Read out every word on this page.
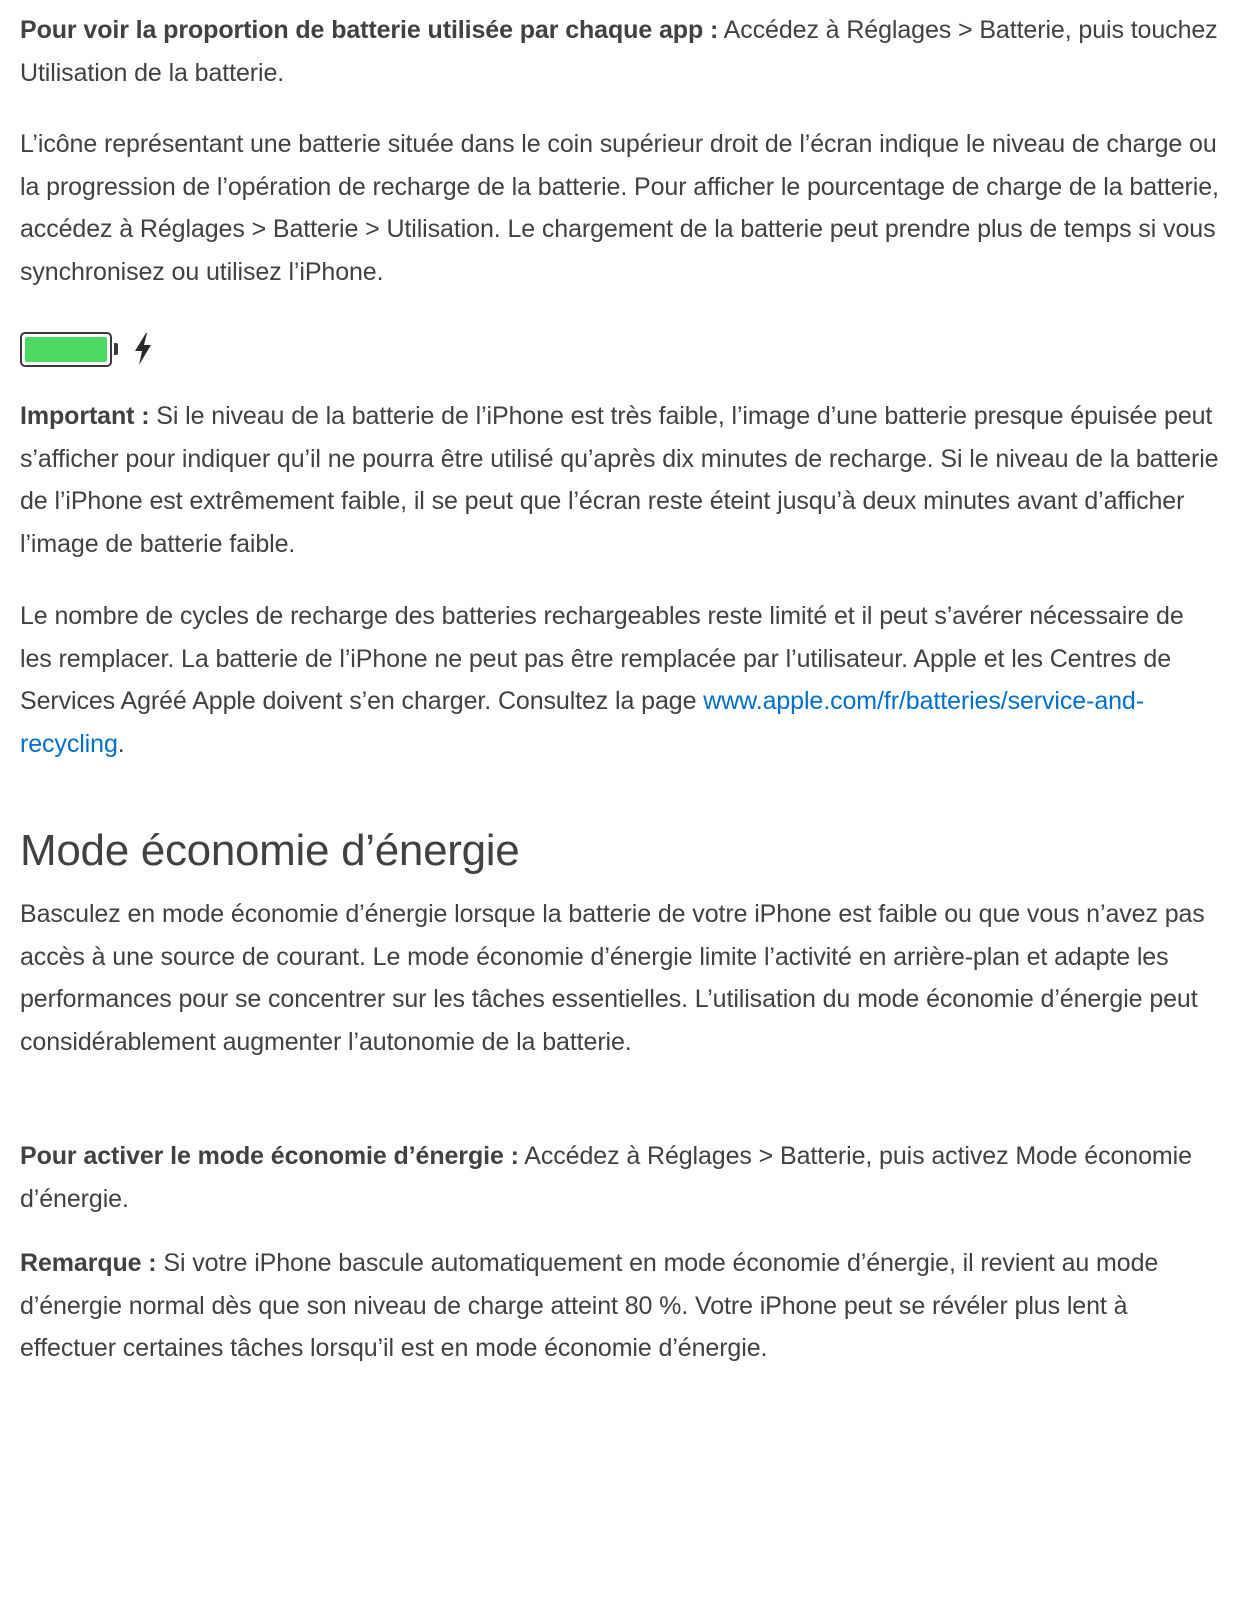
Pour voir la proportion de batterie utilisée par chaque app : Accédez à Réglages > Batterie, puis touchez Utilisation de la batterie.

L’icône représentant une batterie située dans le coin supérieur droit de l’écran indique le niveau de charge ou la progression de l’opération de recharge de la batterie. Pour afficher le pourcentage de charge de la batterie, accédez à Réglages > Batterie > Utilisation. Le chargement de la batterie peut prendre plus de temps si vous synchronisez ou utilisez l’iPhone.

Important : Si le niveau de la batterie de l’iPhone est très faible, l’image d’une batterie presque épuisée peut s’afficher pour indiquer qu’il ne pourra être utilisé qu’après dix minutes de recharge. Si le niveau de la batterie de l’iPhone est extrêmement faible, il se peut que l’écran reste éteint jusqu’à deux minutes avant d’afficher l’image de batterie faible.

Le nombre de cycles de recharge des batteries rechargeables reste limité et il peut s’avérer nécessaire de les remplacer. La batterie de l’iPhone ne peut pas être remplacée par l’utilisateur. Apple et les Centres de Services Agréé Apple doivent s’en charger. Consultez la page www.apple.com/fr/batteries/service-and-recycling.

Mode économie d’énergie

Basculez en mode économie d’énergie lorsque la batterie de votre iPhone est faible ou que vous n’avez pas accès à une source de courant. Le mode économie d’énergie limite l’activité en arrière-plan et adapte les performances pour se concentrer sur les tâches essentielles. L’utilisation du mode économie d’énergie peut considérablement augmenter l’autonomie de la batterie.

Pour activer le mode économie d’énergie : Accédez à Réglages > Batterie, puis activez Mode économie d’énergie.

Remarque : Si votre iPhone bascule automatiquement en mode économie d’énergie, il revient au mode d’énergie normal dès que son niveau de charge atteint 80 %. Votre iPhone peut se révéler plus lent à effectuer certaines tâches lorsqu’il est en mode économie d’énergie.
